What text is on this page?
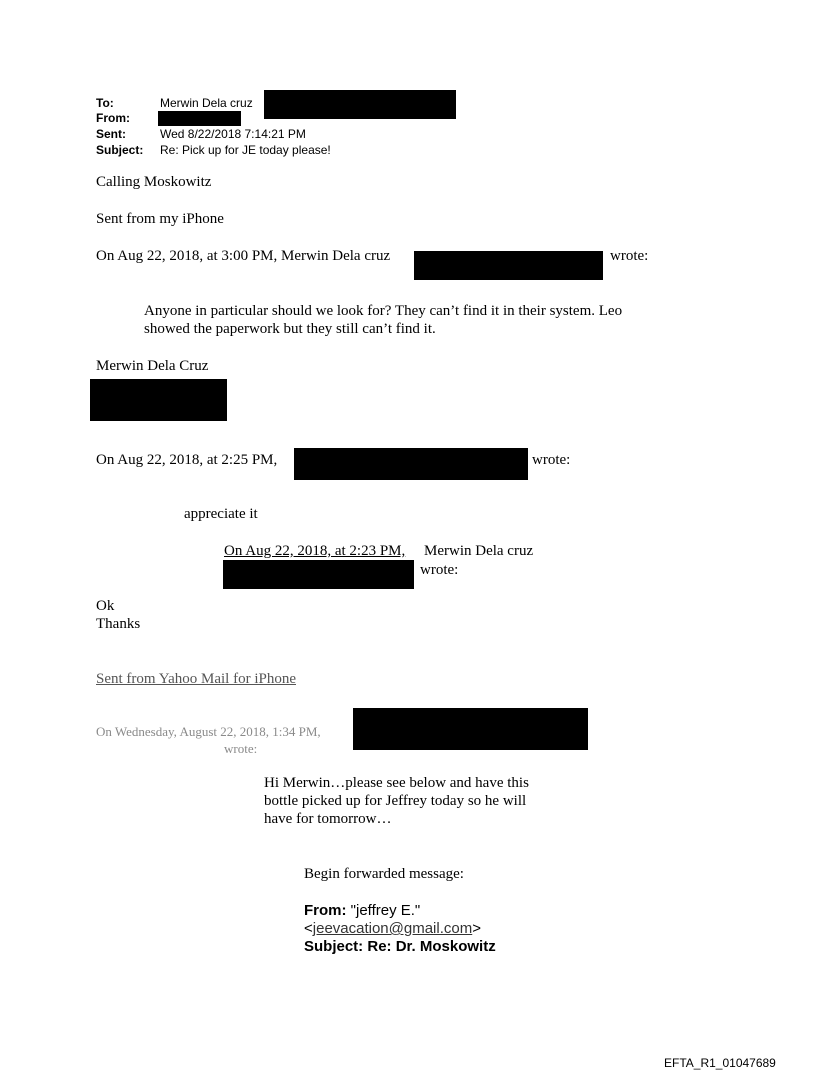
To:	Merwin Dela cruz
From:
Sent:	Wed 8/22/2018 7:14:21 PM
Subject: Re: Pick up for JE today please!
Calling Moskowitz
Sent from my iPhone
On Aug 22, 2018, at 3:00 PM, Merwin Dela cruz	wrote:
Anyone in particular should we look for? They can’t find it in their system. Leo
showed the paperwork but they still can’t find it.
Merwin Dela Cruz
On Aug 22, 2018, at 2:25 PM,	wrote:
appreciate it
On Aug 22, 2018, at 2:23 PM, Merwin Dela cruz
wrote:
Ok
Thanks
Sent from Yahoo Mail for iPhone
On Wednesday, August 22, 2018, 1:34 PM,
wrote:
Hi Merwin…please see below and have this
bottle picked up for Jeffrey today so he will
have for tomorrow…
Begin forwarded message:
From: "jeffrey E."
<jeevacation@gmail.com>
Subject: Re: Dr. Moskowitz
EFTA_R1_01047689
